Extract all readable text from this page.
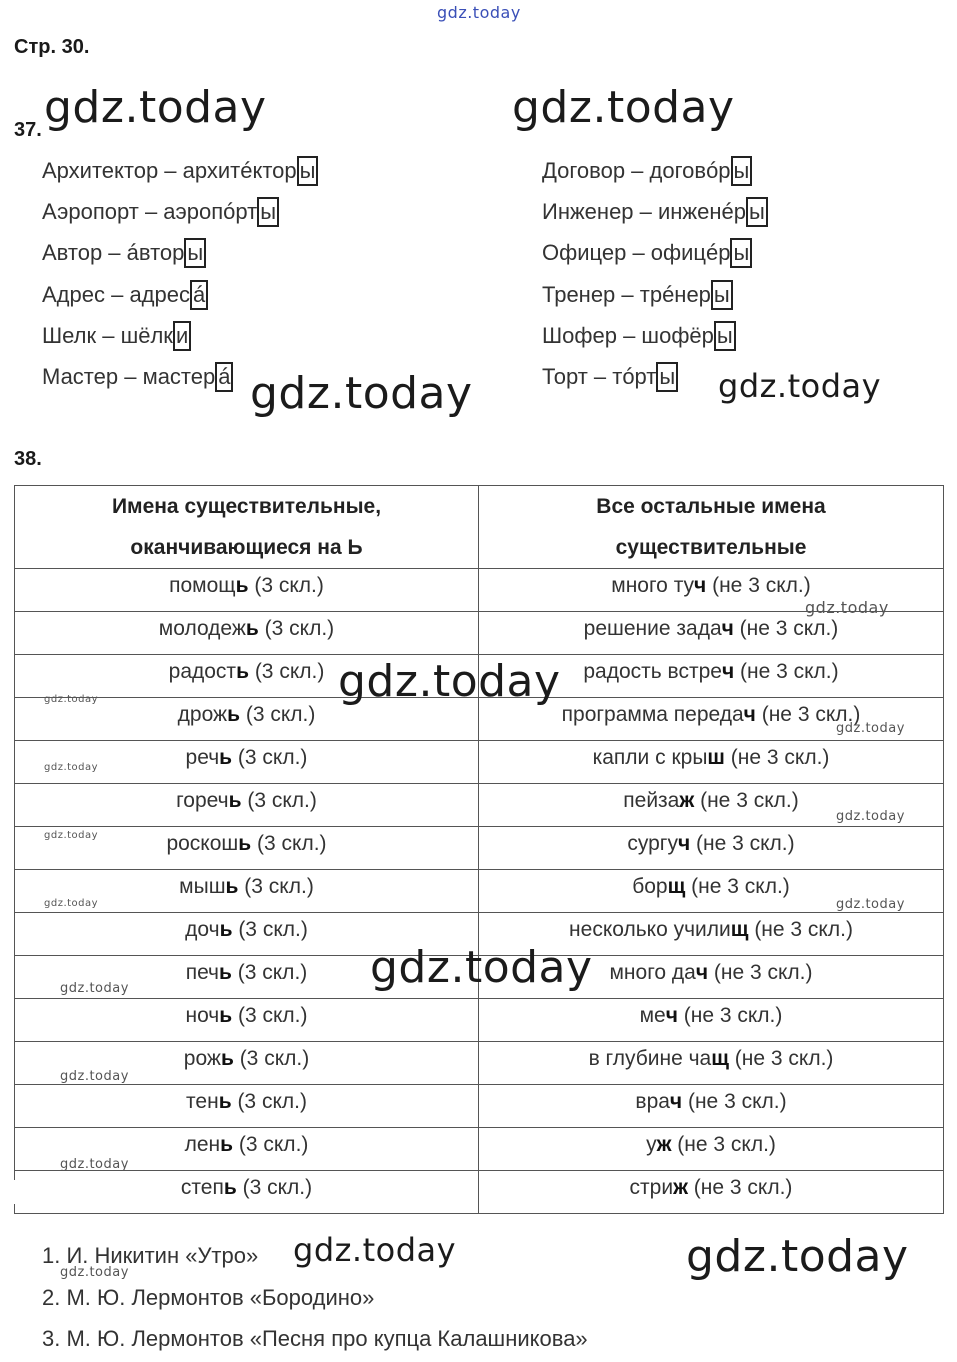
gdz.today
gdz.today	gdz.today
gdz.today	gdz.today
Стр. 30.
37.
Архитектор – архитéктор ы
Аэропорт – аэропóрт ы
Автор – áвтор ы
Адрес – адрес á
Шелк – шёлк и
Мастер – мастер á
Договор – договóр ы
Инженер – инженéр ы
Офицер – офицéр ы
Тренер – трéнер ы
Шофер – шофёр ы
Торт – тóрт ы
38.
Имена существительные,
оканчивающиеся на Ь	Все остальные имена
существительные
помощь (3 скл.)	много туч (не 3 скл.)
молодежь (3 скл.)	решение задач (не 3 скл.)
радость (3 скл.)	радость встреч (не 3 скл.)
дрожь (3 скл.)	программа передач (не 3 скл.)
речь (3 скл.)	капли с крыш (не 3 скл.)
горечь (3 скл.)	пейзаж (не 3 скл.)
роскошь (3 скл.)	сургуч (не 3 скл.)
мышь (3 скл.)	борщ (не 3 скл.)
дочь (3 скл.)	несколько училищ (не 3 скл.)
печь (3 скл.)	много дач (не 3 скл.)
ночь (3 скл.)	меч (не 3 скл.)
рожь (3 скл.)	в глубине чащ (не 3 скл.)
тень (3 скл.)	врач (не 3 скл.)
лень (3 скл.)	уж (не 3 скл.)
степь (3 скл.)	стриж (не 3 скл.)
gdz.today
gdz.today
gdz.today
gdz.today
gdz.today
gdz.today
gdz.today
gdz.today
gdz.today
gdz.today
gdz.today
gdz.today
gdz.today
1. И. Никитин «Утро»
2. М. Ю. Лермонтов «Бородино»
3. М. Ю. Лермонтов «Песня про купца Калашникова»
gdz.today	gdz.today
gdz.today
